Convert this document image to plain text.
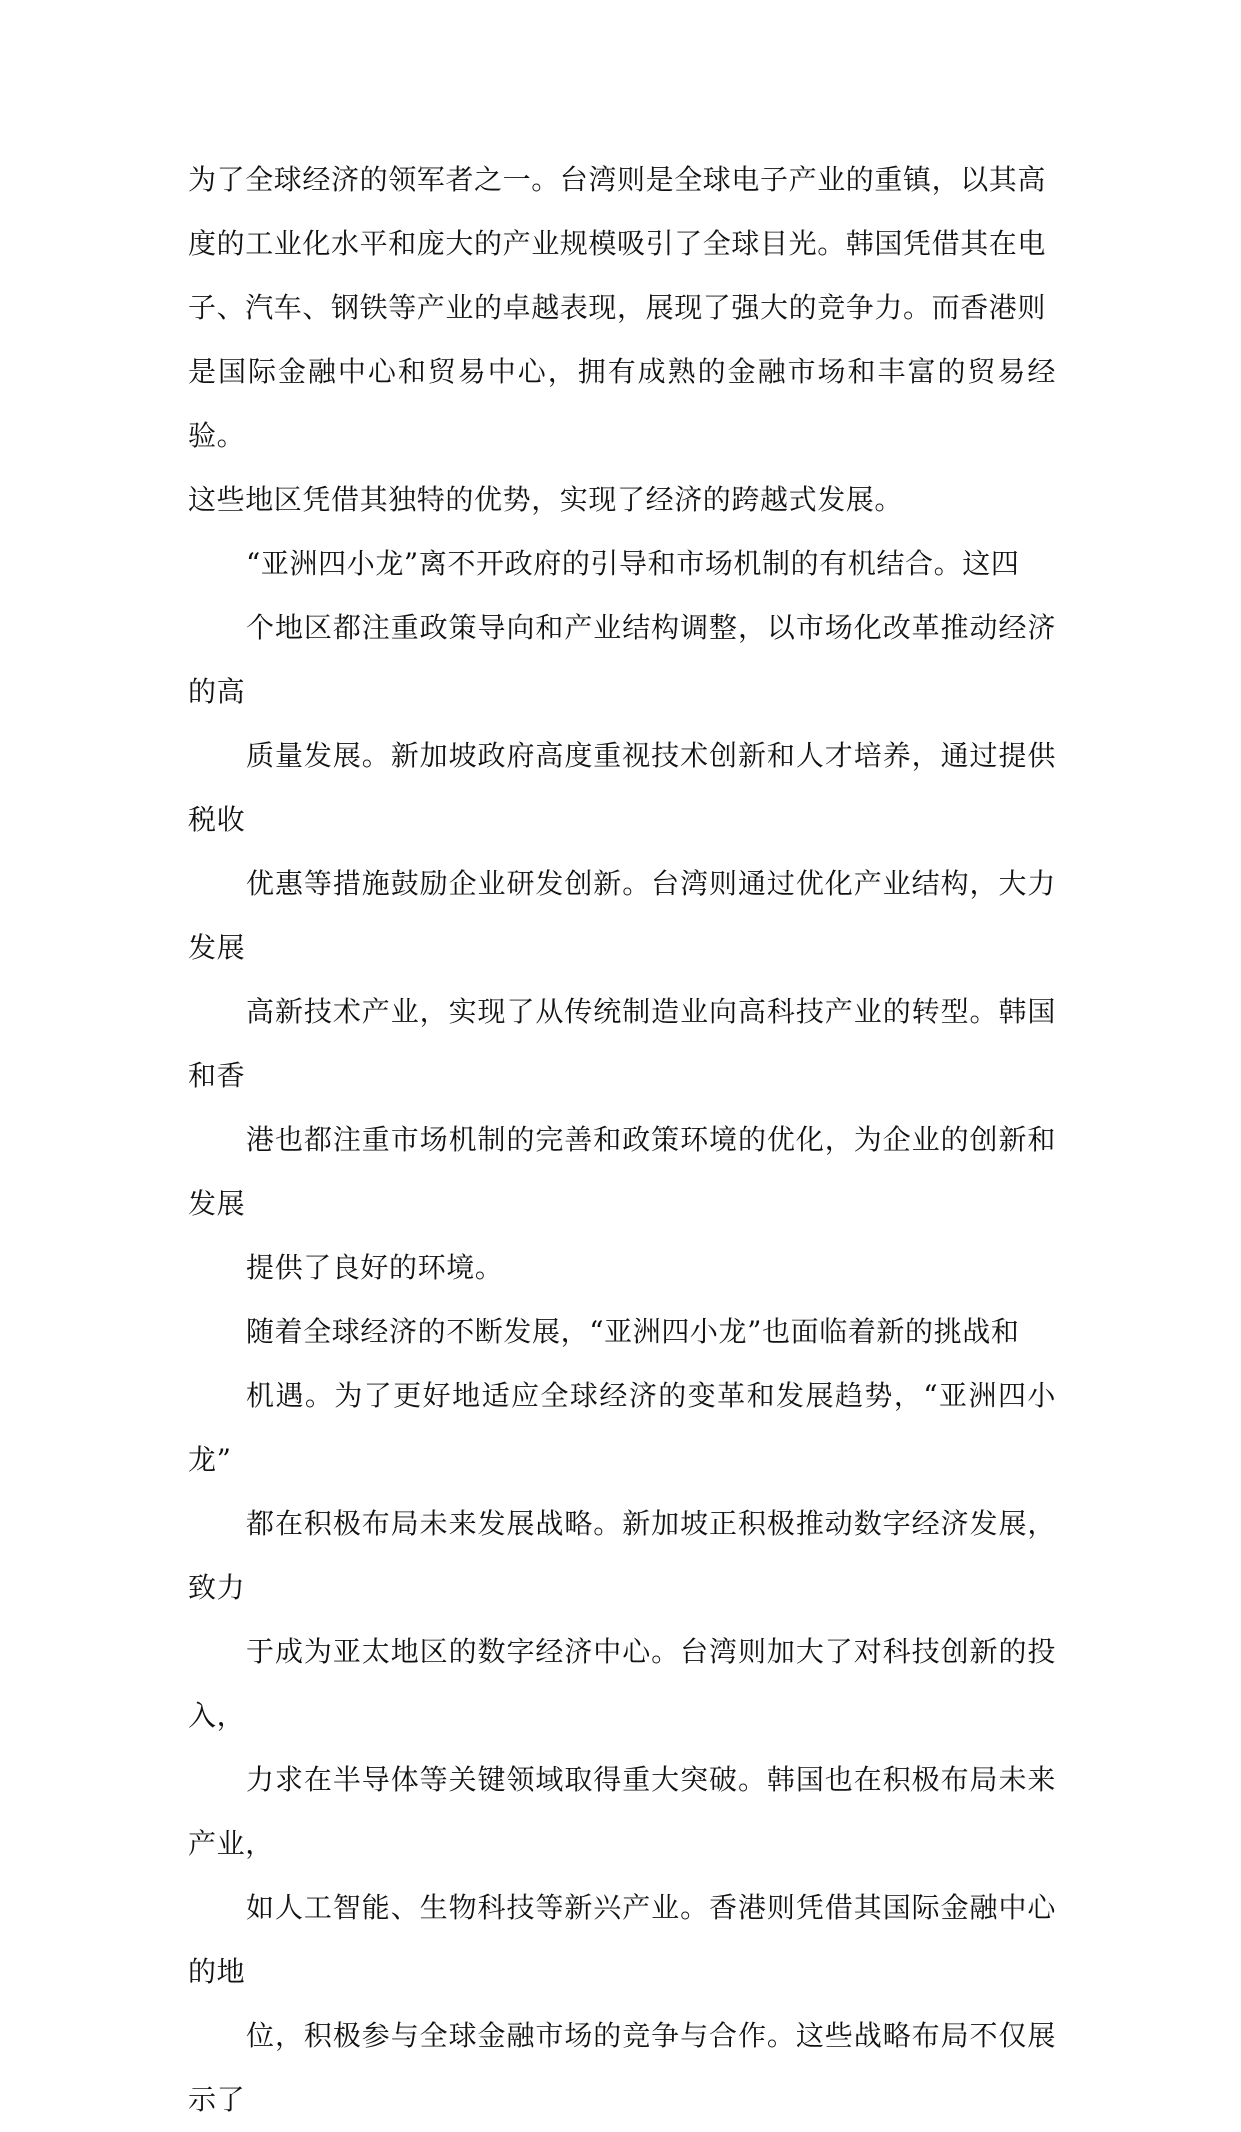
为了全球经济的领军者之一。台湾则是全球电子产业的重镇，以其高
度的工业化水平和庞大的产业规模吸引了全球目光。韩国凭借其在电
子、汽车、钢铁等产业的卓越表现，展现了强大的竞争力。而香港则
是国际金融中心和贸易中心，拥有成熟的金融市场和丰富的贸易经验。
这些地区凭借其独特的优势，实现了经济的跨越式发展。

“亚洲四小龙”离不开政府的引导和市场机制的有机结合。这四
个地区都注重政策导向和产业结构调整，以市场化改革推动经济的高
质量发展。新加坡政府高度重视技术创新和人才培养，通过提供税收
优惠等措施鼓励企业研发创新。台湾则通过优化产业结构，大力发展
高新技术产业，实现了从传统制造业向高科技产业的转型。韩国和香
港也都注重市场机制的完善和政策环境的优化，为企业的创新和发展
提供了良好的环境。

随着全球经济的不断发展，“亚洲四小龙”也面临着新的挑战和
机遇。为了更好地适应全球经济的变革和发展趋势，“亚洲四小龙”
都在积极布局未来发展战略。新加坡正积极推动数字经济发展，致力
于成为亚太地区的数字经济中心。台湾则加大了对科技创新的投入，
力求在半导体等关键领域取得重大突破。韩国也在积极布局未来产业，
如人工智能、生物科技等新兴产业。香港则凭借其国际金融中心的地
位，积极参与全球金融市场的竞争与合作。这些战略布局不仅展示了
